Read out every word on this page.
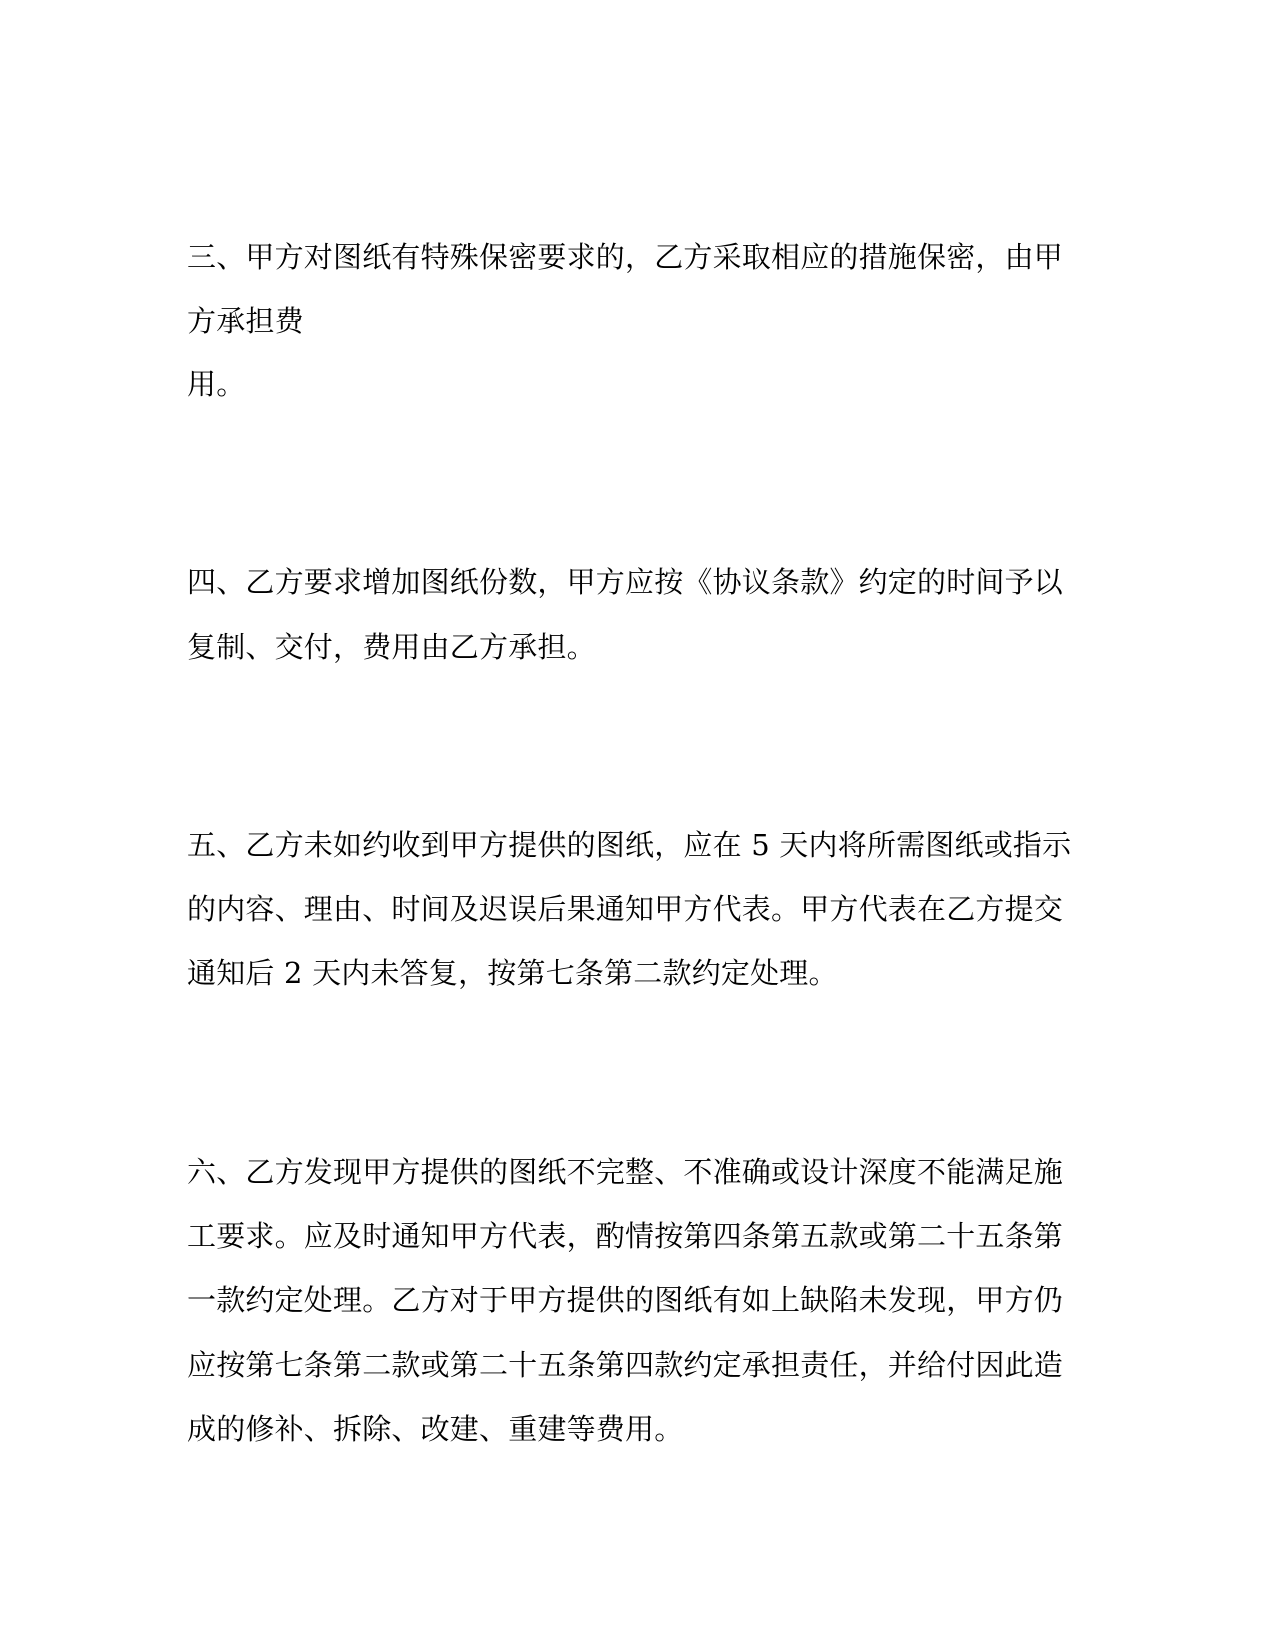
三、甲方对图纸有特殊保密要求的，乙方采取相应的措施保密，由甲

方承担费

用。

四、乙方要求增加图纸份数，甲方应按《协议条款》约定的时间予以

复制、交付，费用由乙方承担。

五、乙方未如约收到甲方提供的图纸，应在 5 天内将所需图纸或指示

的内容、理由、时间及迟误后果通知甲方代表。甲方代表在乙方提交

通知后 2 天内未答复，按第七条第二款约定处理。

六、乙方发现甲方提供的图纸不完整、不准确或设计深度不能满足施

工要求。应及时通知甲方代表，酌情按第四条第五款或第二十五条第

一款约定处理。乙方对于甲方提供的图纸有如上缺陷未发现，甲方仍

应按第七条第二款或第二十五条第四款约定承担责任，并给付因此造

成的修补、拆除、改建、重建等费用。
